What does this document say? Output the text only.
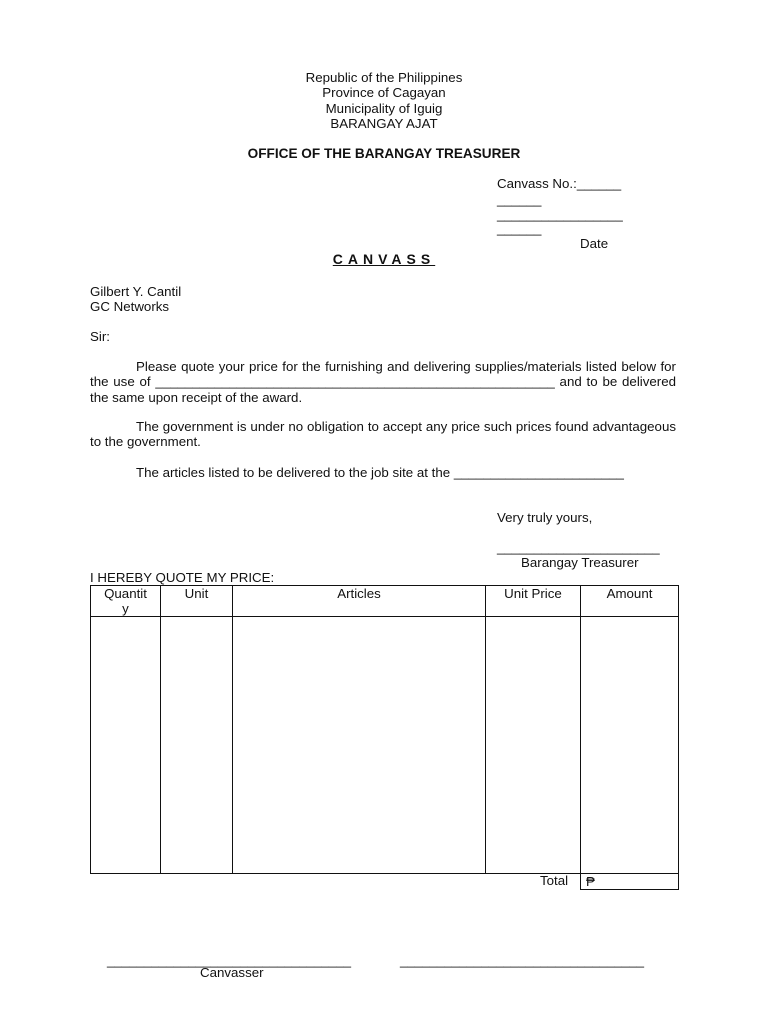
Republic of the Philippines
Province of Cagayan
Municipality of Iguig
BARANGAY AJAT
OFFICE OF THE BARANGAY TREASURER
Canvass No.:______
______
_________________
______
Date
CANVASS
Gilbert Y. Cantil
GC Networks
Sir:
Please quote your price for the furnishing and delivering supplies/materials listed below for the use of ______________________________________________________ and to be delivered the same upon receipt of the award.
The government is under no obligation to accept any price such prices found advantageous to the government.
The articles listed to be delivered to the job site at the _______________________
Very truly yours,
______________________
Barangay Treasurer
I HEREBY QUOTE MY PRICE:
Quantit
y	Unit	Articles	Unit Price	Amount

Total ₱
_________________________________	_________________________________
Canvasser
